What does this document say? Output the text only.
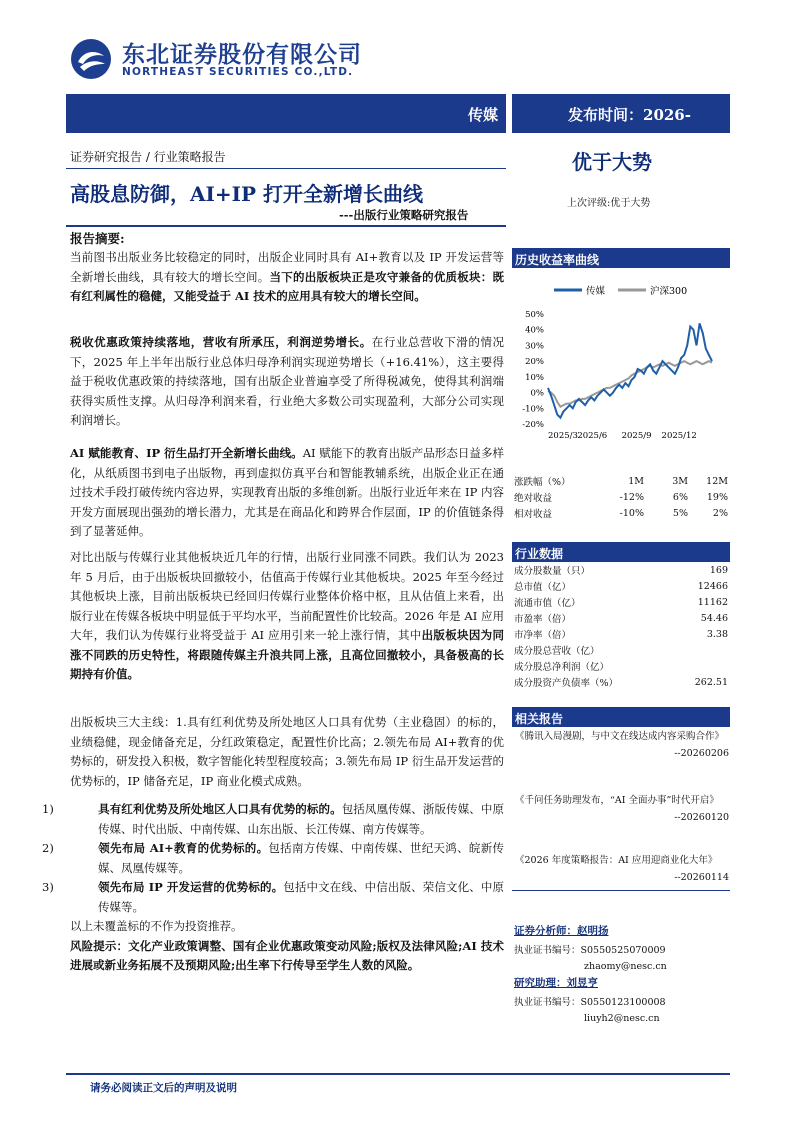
东北证券股份有限公司
NORTHEAST SECURITIES CO.,LTD.
传媒	发布时间：2026-
证券研究报告 / 行业策略报告
高股息防御，AI+IP 打开全新增长曲线
---出版行业策略研究报告
优于大势
上次评级:优于大势
报告摘要:
当前图书出版业务比较稳定的同时，出版企业同时具有 AI+教育以及 IP 开发运营等全新增长曲线，具有较大的增长空间。当下的出版板块正是攻守兼备的优质板块：既有红利属性的稳健，又能受益于 AI 技术的应用具有较大的增长空间。
税收优惠政策持续落地，营收有所承压，利润逆势增长。在行业总营收下滑的情况下，2025 年上半年出版行业总体归母净利润实现逆势增长（+16.41%），这主要得益于税收优惠政策的持续落地，国有出版企业普遍享受了所得税减免，使得其利润端获得实质性支撑。从归母净利润来看，行业绝大多数公司实现盈利，大部分公司实现利润增长。
AI 赋能教育、IP 衍生品打开全新增长曲线。AI 赋能下的教育出版产品形态日益多样化，从纸质图书到电子出版物，再到虚拟仿真平台和智能教辅系统，出版企业正在通过技术手段打破传统内容边界，实现教育出版的多维创新。出版行业近年来在 IP 内容开发方面展现出强劲的增长潜力，尤其是在商品化和跨界合作层面，IP 的价值链条得到了显著延伸。
对比出版与传媒行业其他板块近几年的行情，出版行业同涨不同跌。我们认为 2023 年 5 月后，由于出版板块回撤较小，估值高于传媒行业其他板块。2025 年至今经过其他板块上涨，目前出版板块已经回归传媒行业整体价格中枢，且从估值上来看，出版行业在传媒各板块中明显低于平均水平，当前配置性价比较高。2026 年是 AI 应用大年，我们认为传媒行业将受益于 AI 应用引来一轮上涨行情，其中出版板块因为同涨不同跌的历史特性，将跟随传媒主升浪共同上涨，且高位回撤较小，具备极高的长期持有价值。
出版板块三大主线：1.具有红利优势及所处地区人口具有优势（主业稳固）的标的，业绩稳健，现金储备充足，分红政策稳定，配置性价比高；2.领先布局 AI+教育的优势标的，研发投入积极，数字智能化转型程度较高；3.领先布局 IP 衍生品开发运营的优势标的，IP 储备充足，IP 商业化模式成熟。
1)	具有红利优势及所处地区人口具有优势的标的。包括凤凰传媒、浙版传媒、中原传媒、时代出版、中南传媒、山东出版、长江传媒、南方传媒等。
2)	领先布局 AI+教育的优势标的。包括南方传媒、中南传媒、世纪天鸿、皖新传媒、凤凰传媒等。
3)	领先布局 IP 开发运营的优势标的。包括中文在线、中信出版、荣信文化、中原传媒等。
以上未覆盖标的不作为投资推荐。
风险提示：文化产业政策调整、国有企业优惠政策变动风险;版权及法律风险;AI 技术进展或新业务拓展不及预期风险;出生率下行传导至学生人数的风险。
历史收益率曲线
传媒	沪深300
50%
40%
30%
20%
10%
0%
-10%
-20%
2025/3 2025/6 2025/9 2025/12
涨跌幅（%）	1M	3M	12M
绝对收益	-12%	6%	19%
相对收益	-10%	5%	2%
行业数据
成分股数量（只）	169
总市值（亿）	12466
流通市值（亿）	11162
市盈率（倍）	54.46
市净率（倍）	3.38
成分股总营收（亿）	
成分股总净利润（亿）	
成分股资产负债率（%）	262.51
相关报告
《腾讯入局漫剧，与中文在线达成内容采购合作》
--20260206
《千问任务助理发布，“AI 全面办事”时代开启》
--20260120
《2026 年度策略报告：AI 应用迎商业化大年》
--20260114
证券分析师：赵明扬
执业证书编号：S0550525070009
zhaomy@nesc.cn
研究助理：刘昱亨
执业证书编号：S0550123100008
liuyh2@nesc.cn
请务必阅读正文后的声明及说明
